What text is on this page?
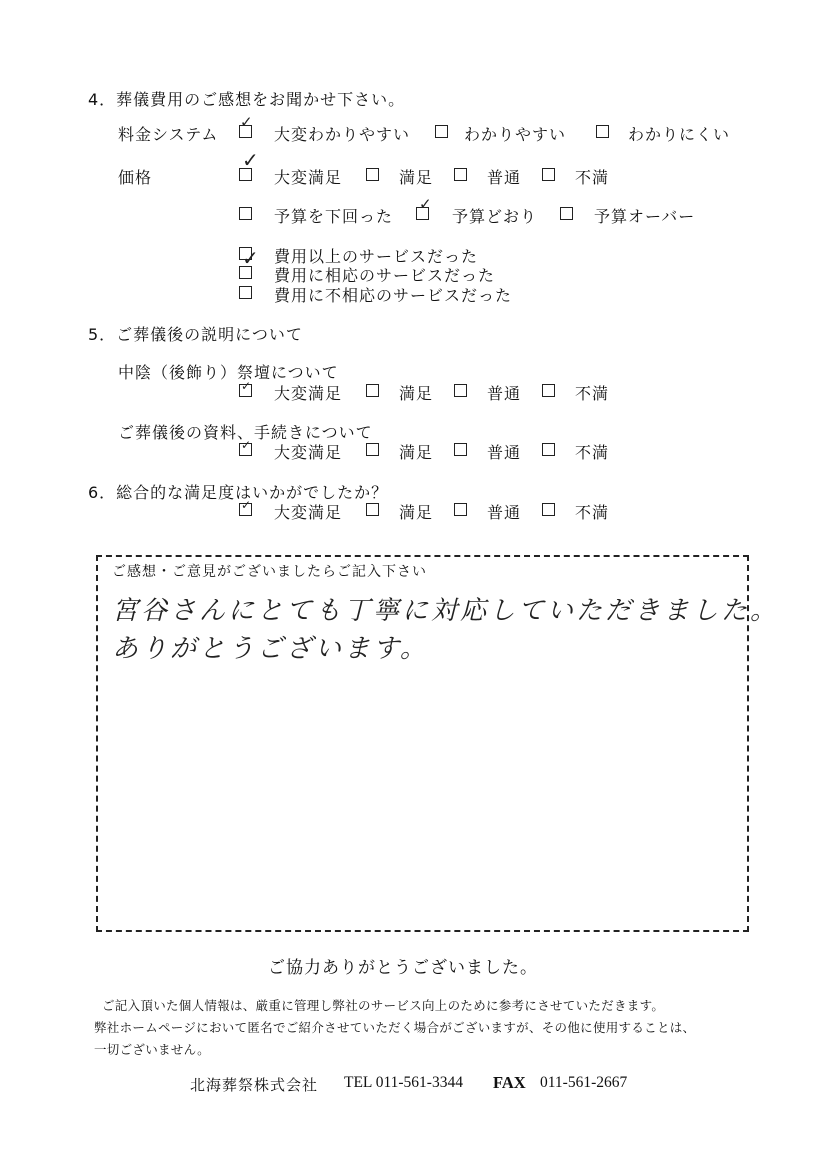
4．葬儀費用のご感想をお聞かせ下さい。
料金システム
✓
大変わかりやすい	わかりやすい	わかりにくい
価格
✓
大変満足	満足	普通	不満
予算を下回った
✓
予算どおり	予算オーバー
費用以上のサービスだった
✓
費用に相応のサービスだった
費用に不相応のサービスだった
5．ご葬儀後の説明について
中陰（後飾り）祭壇について
✓ 大変満足	満足	普通	不満
ご葬儀後の資料、手続きについて
✓ 大変満足	満足	普通	不満
6．総合的な満足度はいかがでしたか？
✓ 大変満足	満足	普通	不満
ご感想・ご意見がございましたらご記入下さい
宮谷さんにとても丁寧に対応していただきました。
ありがとうございます。
ご協力ありがとうございました。
ご記入頂いた個人情報は、厳重に管理し弊社のサービス向上のために参考にさせていただきます。
弊社ホームページにおいて匿名でご紹介させていただく場合がございますが、その他に使用することは、
一切ございません。
北海葬祭株式会社 TEL 011-561-3344 FAX 011-561-2667
